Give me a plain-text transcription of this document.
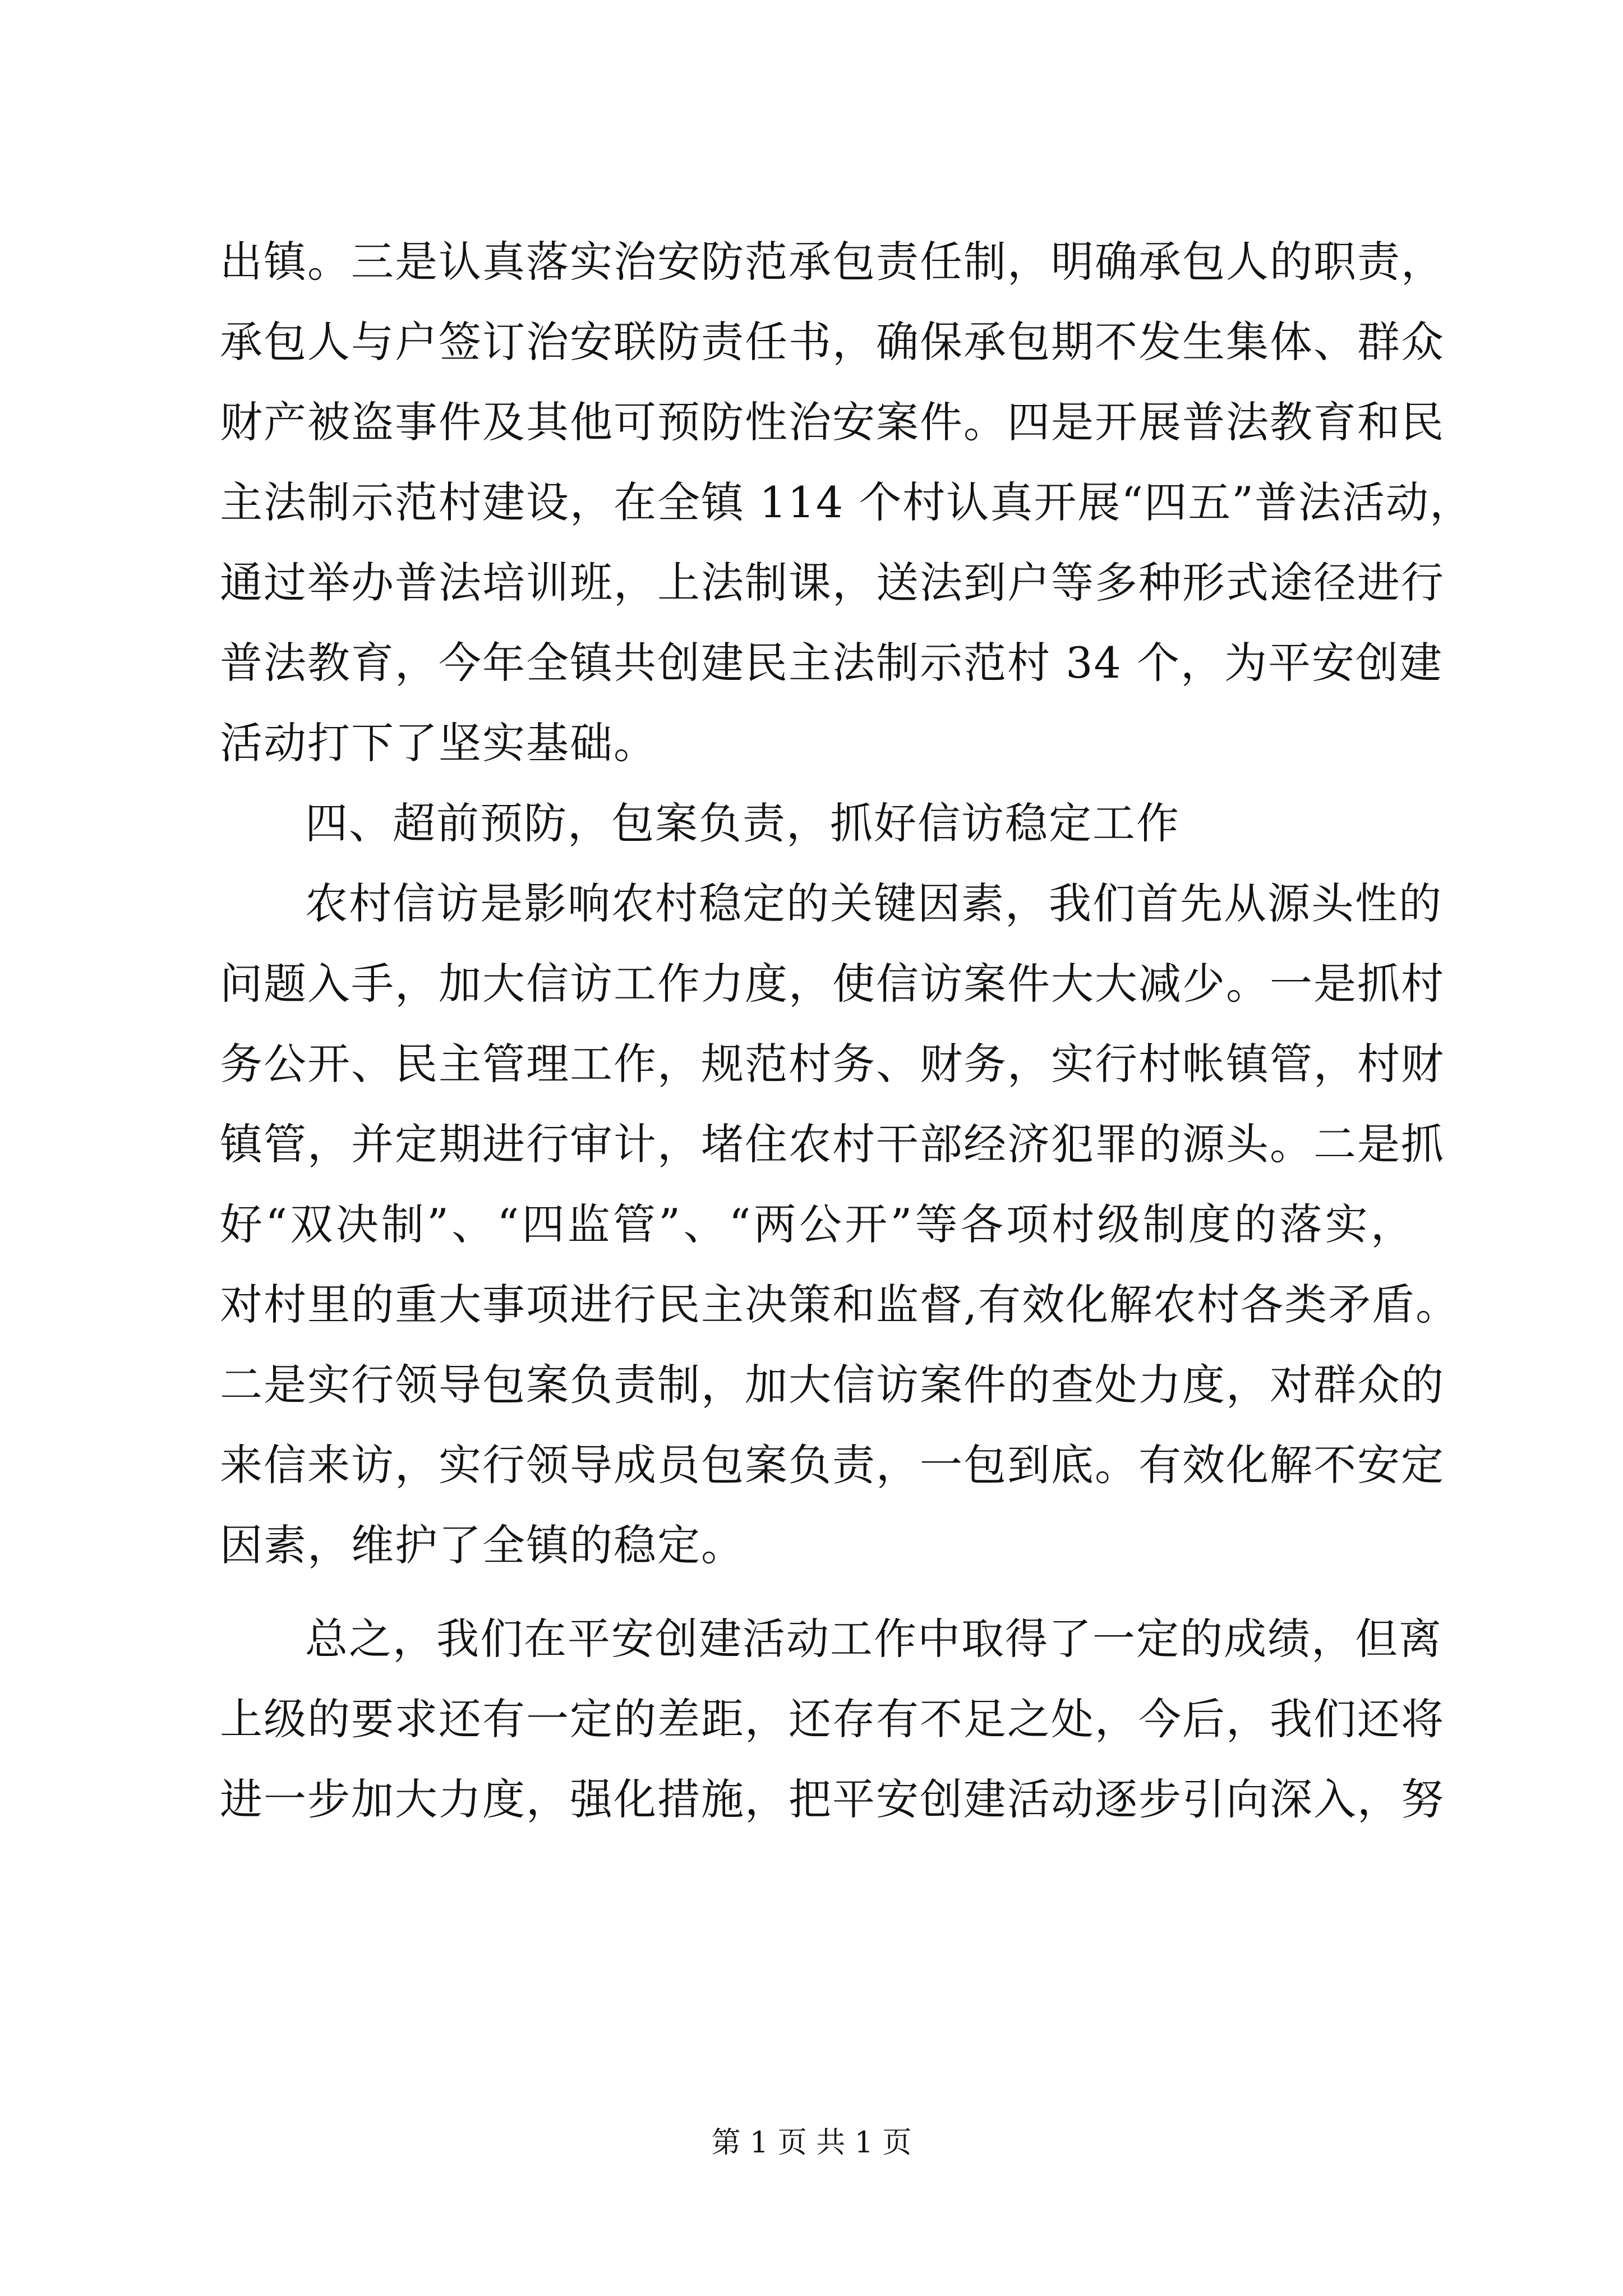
出镇。三是认真落实治安防范承包责任制，明确承包人的职责，
承包人与户签订治安联防责任书，确保承包期不发生集体、群众
财产被盗事件及其他可预防性治安案件。四是开展普法教育和民
主法制示范村建设，在全镇 114 个村认真开展“四五”普法活动，
通过举办普法培训班，上法制课，送法到户等多种形式途径进行
普法教育，今年全镇共创建民主法制示范村 34 个，为平安创建
活动打下了坚实基础。
四、超前预防，包案负责，抓好信访稳定工作
农村信访是影响农村稳定的关键因素，我们首先从源头性的
问题入手，加大信访工作力度，使信访案件大大减少。一是抓村
务公开、民主管理工作，规范村务、财务，实行村帐镇管，村财
镇管，并定期进行审计，堵住农村干部经济犯罪的源头。二是抓
好“双决制”、“四监管”、“两公开”等各项村级制度的落实，
对村里的重大事项进行民主决策和监督,有效化解农村各类矛盾。
二是实行领导包案负责制，加大信访案件的查处力度，对群众的
来信来访，实行领导成员包案负责，一包到底。有效化解不安定
因素，维护了全镇的稳定。
总之，我们在平安创建活动工作中取得了一定的成绩，但离
上级的要求还有一定的差距，还存有不足之处，今后，我们还将
进一步加大力度，强化措施，把平安创建活动逐步引向深入，努
第 1 页 共 1 页
